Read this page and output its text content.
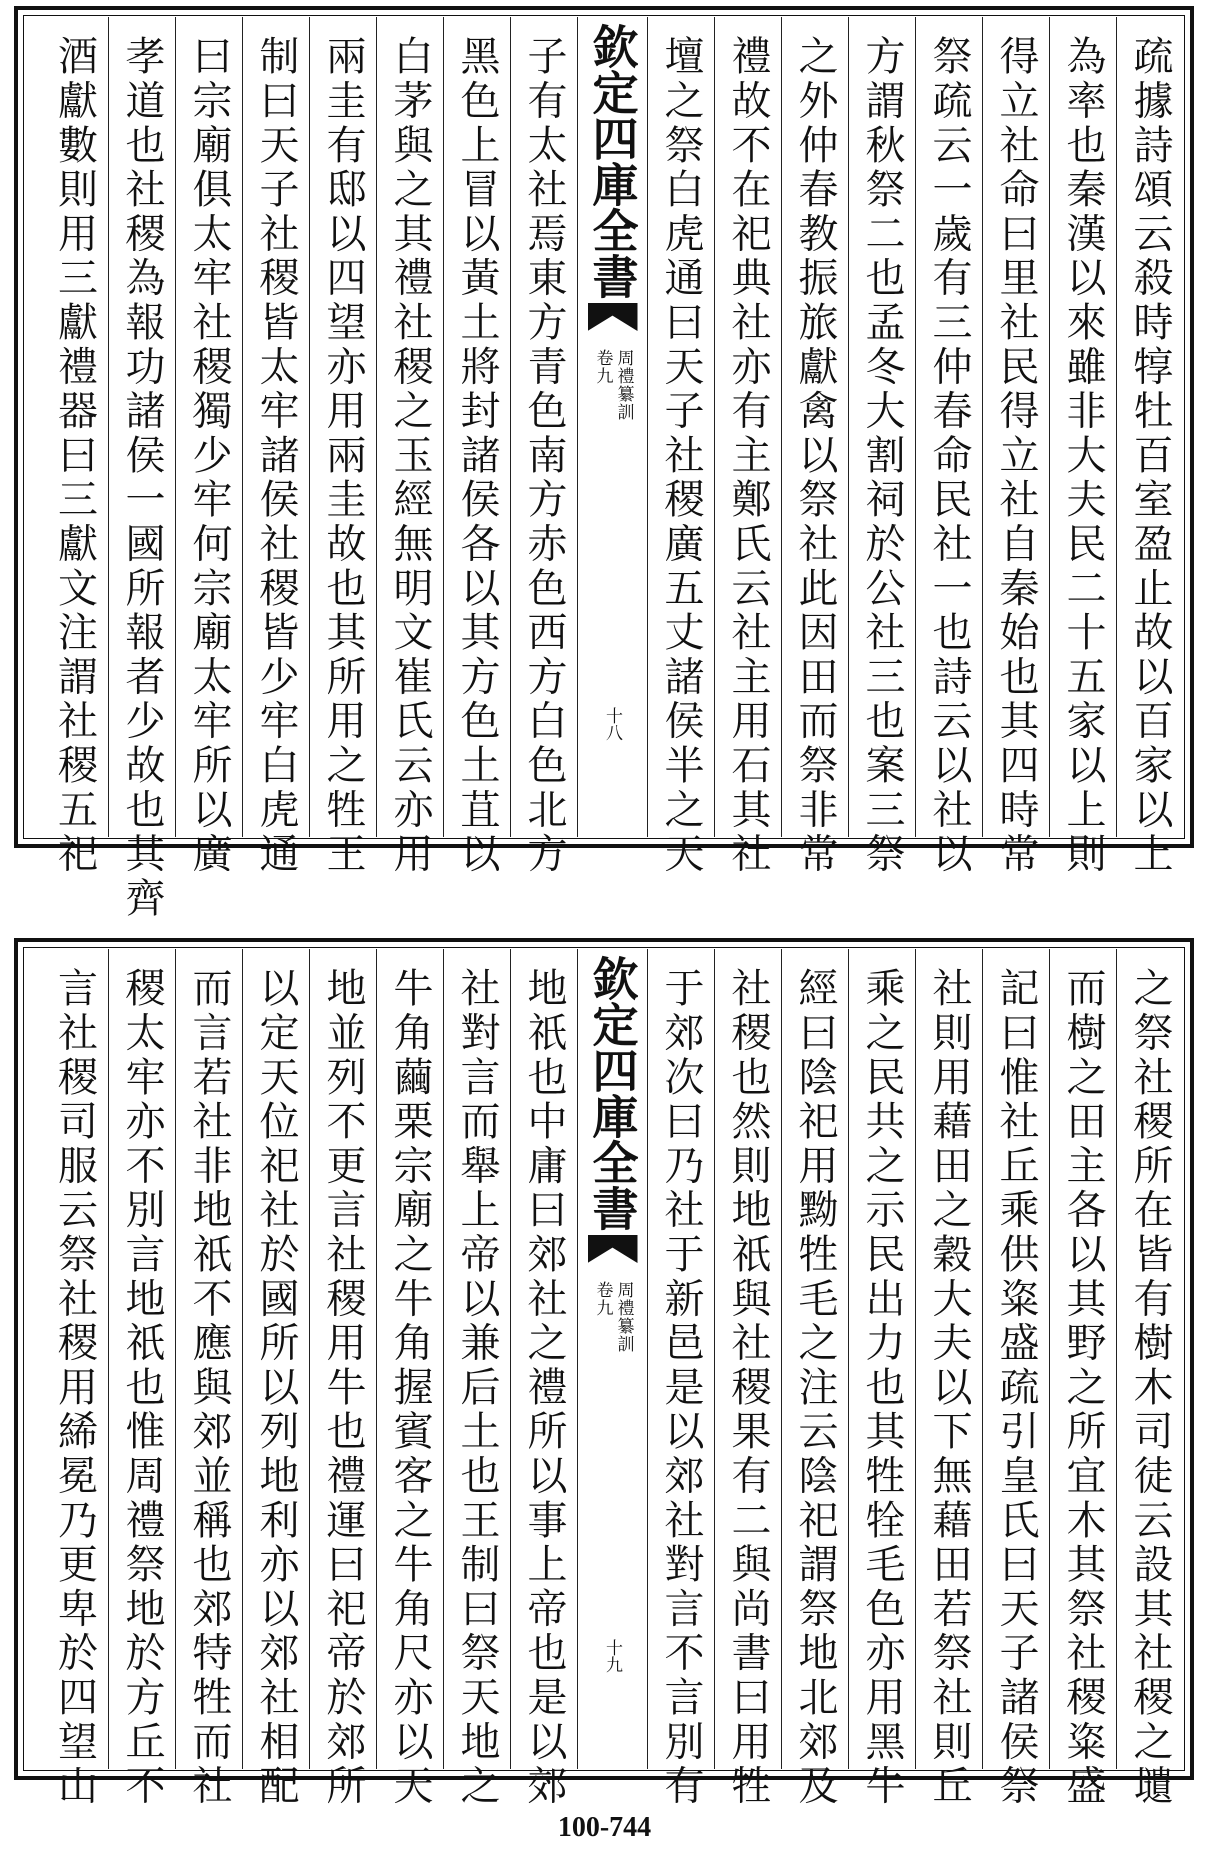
疏據詩頌云殺時犉牡百室盈止故以百家以上
為率也秦漢以來雖非大夫民二十五家以上則
得立社命曰里社民得立社自秦始也其四時常
祭疏云一歲有三仲春命民社一也詩云以社以
方謂秋祭二也孟冬大割祠於公社三也案三祭
之外仲春教振旅獻禽以祭社此因田而祭非常
禮故不在祀典社亦有主鄭氏云社主用石其社
壇之祭白虎通曰天子社稷廣五丈諸侯半之天
欽定四庫全書
周禮纂訓
卷九
十八
子有太社焉東方青色南方赤色西方白色北方
黑色上冒以黃土將封諸侯各以其方色土苴以
白茅與之其禮社稷之玉經無明文崔氏云亦用
兩圭有邸以四望亦用兩圭故也其所用之牲王
制曰天子社稷皆太牢諸侯社稷皆少牢白虎通
曰宗廟俱太牢社稷獨少牢何宗廟太牢所以廣
孝道也社稷為報功諸侯一國所報者少故也其齊
酒獻數則用三獻禮器曰三獻文注謂社稷五祀
之祭社稷所在皆有樹木司徒云設其社稷之壝
而樹之田主各以其野之所宜木其祭社稷粢盛
記曰惟社丘乘供粢盛疏引皇氏曰天子諸侯祭
社則用藉田之穀大夫以下無藉田若祭社則丘
乘之民共之示民出力也其牲牷毛色亦用黑牛
經曰陰祀用黝牲毛之注云陰祀謂祭地北郊及
社稷也然則地祇與社稷果有二與尚書曰用牲
于郊次曰乃社于新邑是以郊社對言不言別有
欽定四庫全書
周禮纂訓
卷九
十九
地祇也中庸曰郊社之禮所以事上帝也是以郊
社對言而舉上帝以兼后土也王制曰祭天地之
牛角繭栗宗廟之牛角握賓客之牛角尺亦以天
地並列不更言社稷用牛也禮運曰祀帝於郊所
以定天位祀社於國所以列地利亦以郊社相配
而言若社非地祇不應與郊並稱也郊特牲而社
稷太牢亦不別言地祇也惟周禮祭地於方丘不
言社稷司服云祭社稷用絺冕乃更卑於四望山
100-744
